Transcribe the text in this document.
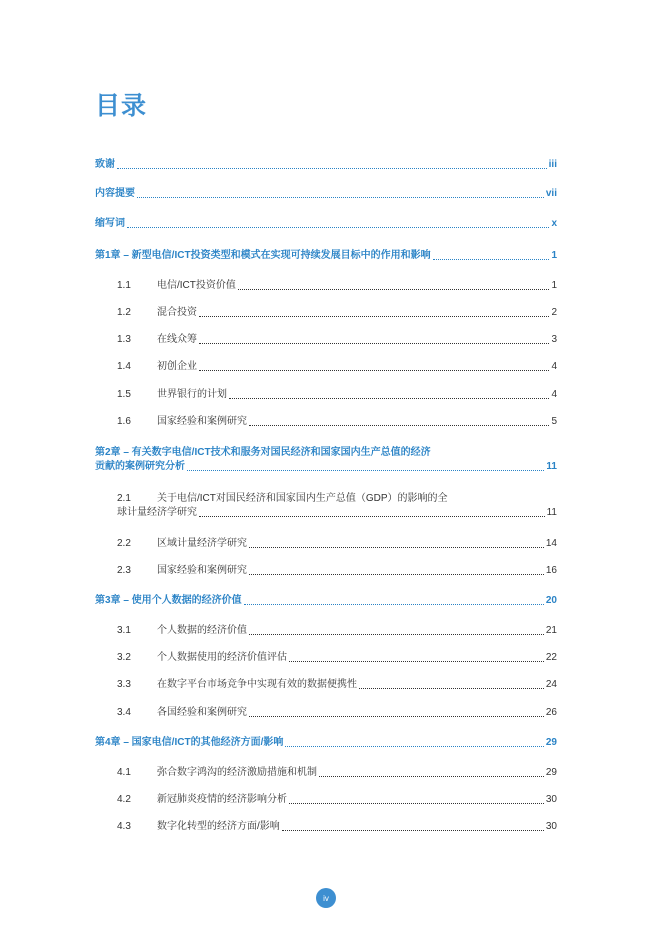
目录
致谢	iii
内容提要	vii
缩写词	x
第1章 – 新型电信/ICT投资类型和模式在实现可持续发展目标中的作用和影响	1
1.1	电信/ICT投资价值	1
1.2	混合投资	2
1.3	在线众筹	3
1.4	初创企业	4
1.5	世界银行的计划	4
1.6	国家经验和案例研究	5
第2章 – 有关数字电信/ICT技术和服务对国民经济和国家国内生产总值的经济
贡献的案例研究分析	11
2.1	关于电信/ICT对国民经济和国家国内生产总值（GDP）的影响的全
球计量经济学研究	11
2.2	区域计量经济学研究	14
2.3	国家经验和案例研究	16
第3章 – 使用个人数据的经济价值	20
3.1	个人数据的经济价值	21
3.2	个人数据使用的经济价值评估	22
3.3	在数字平台市场竞争中实现有效的数据便携性	24
3.4	各国经验和案例研究	26
第4章 – 国家电信/ICT的其他经济方面/影响	29
4.1	弥合数字鸿沟的经济激励措施和机制	29
4.2	新冠肺炎疫情的经济影响分析	30
4.3	数字化转型的经济方面/影响	30
iv
